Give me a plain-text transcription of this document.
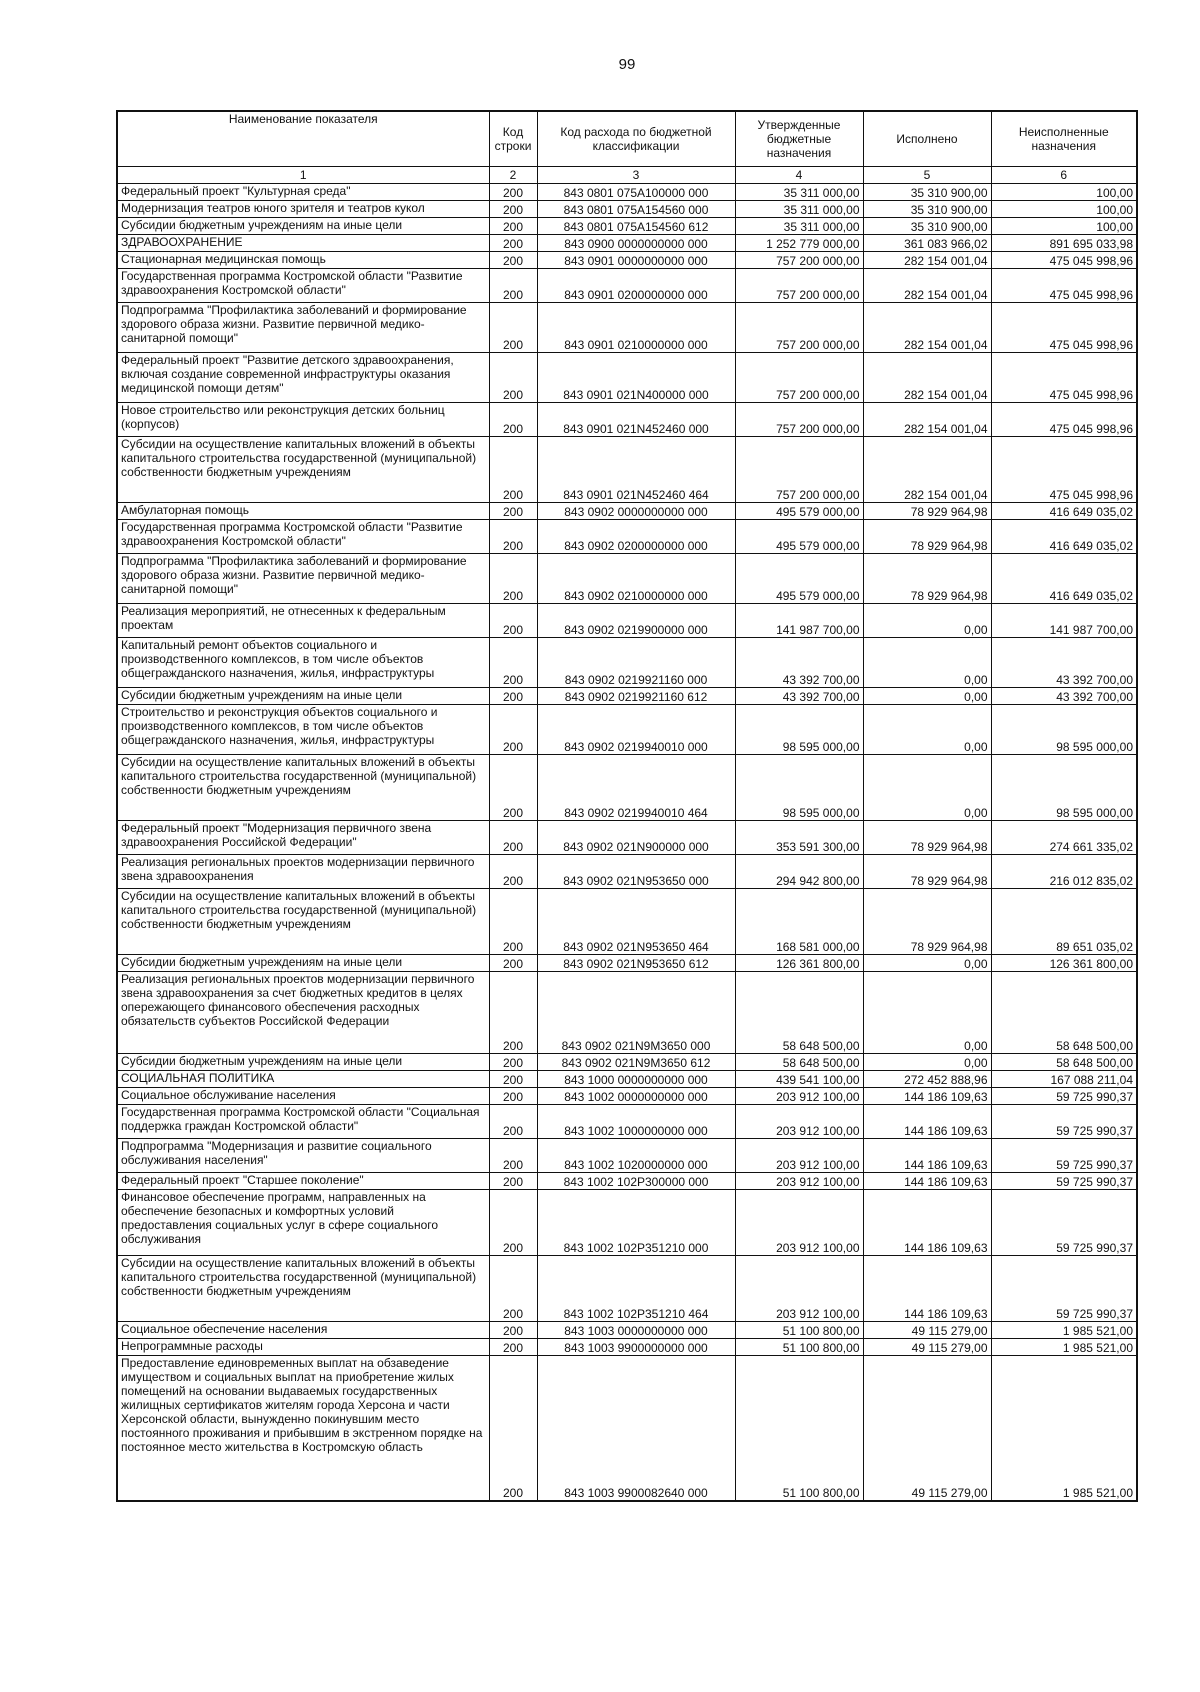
99
Наименование показателя	Код строки	Код расхода по бюджетной классификации	Утвержденные бюджетные назначения	Исполнено	Неисполненные назначения
1	2	3	4	5	6
Федеральный проект "Культурная среда"	200	843 0801 075A100000 000	35 311 000,00	35 310 900,00	100,00
Модернизация театров юного зрителя и театров кукол	200	843 0801 075A154560 000	35 311 000,00	35 310 900,00	100,00
Субсидии бюджетным учреждениям на иные цели	200	843 0801 075A154560 612	35 311 000,00	35 310 900,00	100,00
ЗДРАВООХРАНЕНИЕ	200	843 0900 0000000000 000	1 252 779 000,00	361 083 966,02	891 695 033,98
Стационарная медицинская помощь	200	843 0901 0000000000 000	757 200 000,00	282 154 001,04	475 045 998,96
Государственная программа Костромской области "Развитие здравоохранения Костромской области"	200	843 0901 0200000000 000	757 200 000,00	282 154 001,04	475 045 998,96
Подпрограмма "Профилактика заболеваний и формирование здорового образа жизни. Развитие первичной медико-санитарной помощи"	200	843 0901 0210000000 000	757 200 000,00	282 154 001,04	475 045 998,96
Федеральный проект "Развитие детского здравоохранения, включая создание современной инфраструктуры оказания медицинской помощи детям"	200	843 0901 021N400000 000	757 200 000,00	282 154 001,04	475 045 998,96
Новое строительство или реконструкция детских больниц (корпусов)	200	843 0901 021N452460 000	757 200 000,00	282 154 001,04	475 045 998,96
Субсидии на осуществление капитальных вложений в объекты капитального строительства государственной (муниципальной) собственности бюджетным учреждениям	200	843 0901 021N452460 464	757 200 000,00	282 154 001,04	475 045 998,96
Амбулаторная помощь	200	843 0902 0000000000 000	495 579 000,00	78 929 964,98	416 649 035,02
Государственная программа Костромской области "Развитие здравоохранения Костромской области"	200	843 0902 0200000000 000	495 579 000,00	78 929 964,98	416 649 035,02
Подпрограмма "Профилактика заболеваний и формирование здорового образа жизни. Развитие первичной медико-санитарной помощи"	200	843 0902 0210000000 000	495 579 000,00	78 929 964,98	416 649 035,02
Реализация мероприятий, не отнесенных к федеральным проектам	200	843 0902 0219900000 000	141 987 700,00	0,00	141 987 700,00
Капитальный ремонт объектов социального и производственного комплексов, в том числе объектов общегражданского назначения, жилья, инфраструктуры	200	843 0902 0219921160 000	43 392 700,00	0,00	43 392 700,00
Субсидии бюджетным учреждениям на иные цели	200	843 0902 0219921160 612	43 392 700,00	0,00	43 392 700,00
Строительство и реконструкция объектов социального и производственного комплексов, в том числе объектов общегражданского назначения, жилья, инфраструктуры	200	843 0902 0219940010 000	98 595 000,00	0,00	98 595 000,00
Субсидии на осуществление капитальных вложений в объекты капитального строительства государственной (муниципальной) собственности бюджетным учреждениям	200	843 0902 0219940010 464	98 595 000,00	0,00	98 595 000,00
Федеральный проект "Модернизация первичного звена здравоохранения Российской Федерации"	200	843 0902 021N900000 000	353 591 300,00	78 929 964,98	274 661 335,02
Реализация региональных проектов модернизации первичного звена здравоохранения	200	843 0902 021N953650 000	294 942 800,00	78 929 964,98	216 012 835,02
Субсидии на осуществление капитальных вложений в объекты капитального строительства государственной (муниципальной) собственности бюджетным учреждениям	200	843 0902 021N953650 464	168 581 000,00	78 929 964,98	89 651 035,02
Субсидии бюджетным учреждениям на иные цели	200	843 0902 021N953650 612	126 361 800,00	0,00	126 361 800,00
Реализация региональных проектов модернизации первичного звена здравоохранения за счет бюджетных кредитов в целях опережающего финансового обеспечения расходных обязательств субъектов Российской Федерации	200	843 0902 021N9M3650 000	58 648 500,00	0,00	58 648 500,00
Субсидии бюджетным учреждениям на иные цели	200	843 0902 021N9M3650 612	58 648 500,00	0,00	58 648 500,00
СОЦИАЛЬНАЯ ПОЛИТИКА	200	843 1000 0000000000 000	439 541 100,00	272 452 888,96	167 088 211,04
Социальное обслуживание населения	200	843 1002 0000000000 000	203 912 100,00	144 186 109,63	59 725 990,37
Государственная программа Костромской области "Социальная поддержка граждан Костромской области"	200	843 1002 1000000000 000	203 912 100,00	144 186 109,63	59 725 990,37
Подпрограмма "Модернизация и развитие социального обслуживания населения"	200	843 1002 1020000000 000	203 912 100,00	144 186 109,63	59 725 990,37
Федеральный проект "Старшее поколение"	200	843 1002 102P300000 000	203 912 100,00	144 186 109,63	59 725 990,37
Финансовое обеспечение программ, направленных на обеспечение безопасных и комфортных условий предоставления социальных услуг в сфере социального обслуживания	200	843 1002 102P351210 000	203 912 100,00	144 186 109,63	59 725 990,37
Субсидии на осуществление капитальных вложений в объекты капитального строительства государственной (муниципальной) собственности бюджетным учреждениям	200	843 1002 102P351210 464	203 912 100,00	144 186 109,63	59 725 990,37
Социальное обеспечение населения	200	843 1003 0000000000 000	51 100 800,00	49 115 279,00	1 985 521,00
Непрограммные расходы	200	843 1003 9900000000 000	51 100 800,00	49 115 279,00	1 985 521,00
Предоставление единовременных выплат на обзаведение имуществом и социальных выплат на приобретение жилых помещений на основании выдаваемых государственных жилищных сертификатов жителям города Херсона и части Херсонской области, вынужденно покинувшим место постоянного проживания и прибывшим в экстренном порядке на постоянное место жительства в Костромскую область	200	843 1003 9900082640 000	51 100 800,00	49 115 279,00	1 985 521,00
